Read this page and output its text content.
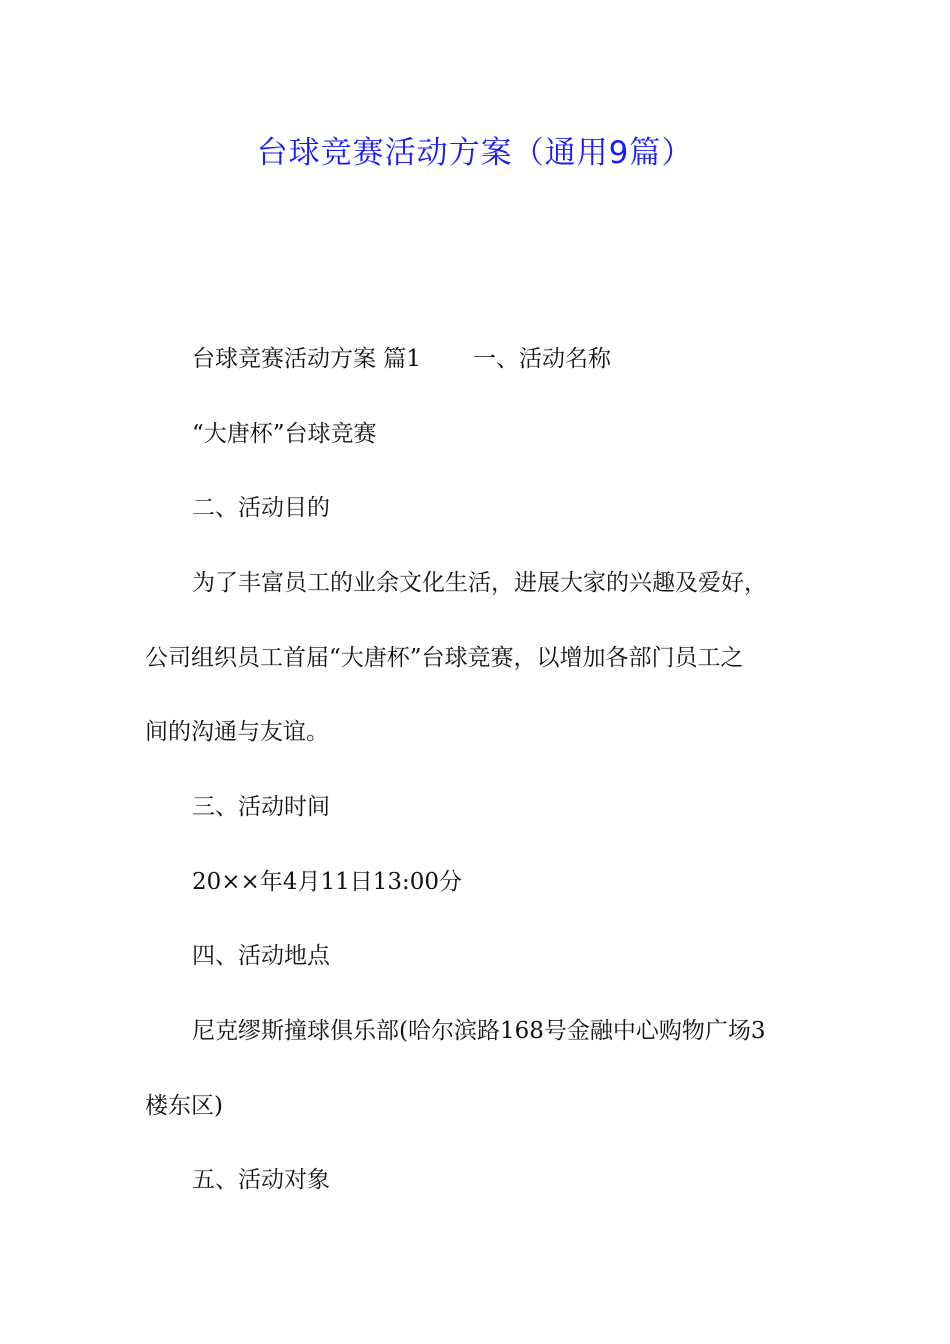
台球竞赛活动方案（通用9篇）
台球竞赛活动方案 篇1 一、活动名称
“大唐杯”台球竞赛
二、活动目的
为了丰富员工的业余文化生活，进展大家的兴趣及爱好，
公司组织员工首届“大唐杯”台球竞赛，以增加各部门员工之
间的沟通与友谊。
三、活动时间
20××年4月11日13:00分
四、活动地点
尼克缪斯撞球俱乐部(哈尔滨路168号金融中心购物广场3
楼东区)
五、活动对象
